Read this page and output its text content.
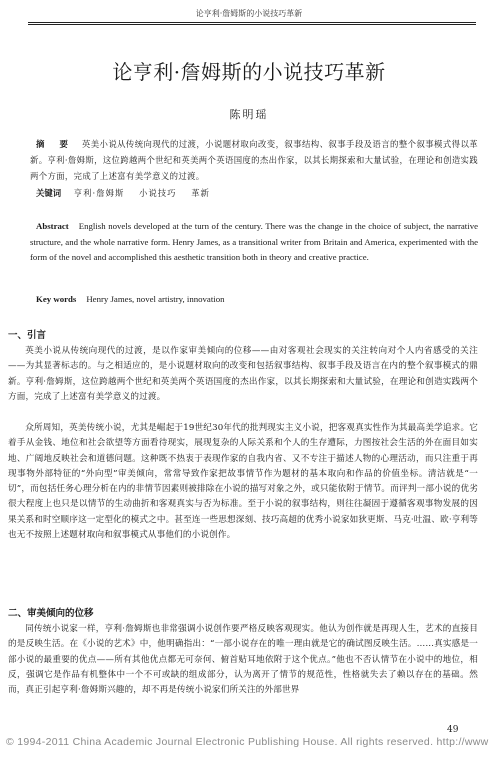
论亨利·詹姆斯的小说技巧革新
论亨利·詹姆斯的小说技巧革新
陈明瑶
摘 要 英美小说从传统向现代的过渡，小说题材取向改变，叙事结构、叙事手段及语言的整个叙事模式得以革新。亨利·詹姆斯，这位跨越两个世纪和英美两个英语国度的杰出作家，以其长期探索和大量试验，在理论和创造实践两个方面，完成了上述富有美学意义的过渡。
关键词 亨利·詹姆斯 小说技巧 革新
Abstract English novels developed at the turn of the century. There was the change in the choice of subject, the narrative structure, and the whole narrative form. Henry James, as a transitional writer from Britain and America, experimented with the form of the novel and accomplished this aesthetic transition both in theory and creative practice.
Key words Henry James, novel artistry, innovation
一、引言
英美小说从传统向现代的过渡，是以作家审美倾向的位移——由对客观社会现实的关注转向对个人内省感受的关注——为其显著标志的。与之相适应的，是小说题材取向的改变和包括叙事结构、叙事手段及语言在内的整个叙事模式的鼎新。亨利·詹姆斯，这位跨越两个世纪和英美两个英语国度的杰出作家，以其长期探索和大量试验，在理论和创造实践两个方面，完成了上述富有美学意义的过渡。
众所周知，英美传统小说，尤其是崛起于19世纪30年代的批判现实主义小说，把客观真实性作为其最高美学追求。它着手从金钱、地位和社会欲望等方面看待现实，展现复杂的人际关系和个人的生存遭际，力图按社会生活的外在面目如实地、广阔地反映社会和道德问题。这种既不热衷于表现作家的自我内省、又不专注于描述人物的心理活动，而只注重于再现事物外部特征的“外向型”审美倾向，常常导致作家把故事情节作为题材的基本取向和作品的价值坐标。清洁就是“一切”，而包括任务心理分析在内的非情节因素则被排除在小说的描写对象之外，或只能依附于情节。而评判一部小说的优劣很大程度上也只是以情节的生动曲折和客观真实与否为标准。至于小说的叙事结构，则往往凝固于遵循客观事物发展的因果关系和时空顺序这一定型化的模式之中。甚至连一些思想深刻、技巧高超的优秀小说家如狄更斯、马克·吐温、欧·亨利等也无不按照上述题材取向和叙事模式从事他们的小说创作。
二、审美倾向的位移
同传统小说家一样，亨利·詹姆斯也非常强调小说创作要严格反映客观现实。他认为创作就是再现人生，艺术的直接目的是反映生活。在《小说的艺术》中，他明确指出：“一部小说存在的唯一理由就是它的确试图反映生活。……真实感是一部小说的最重要的优点——所有其他优点都无可奈何、俯首贴耳地依附于这个优点。”他也不否认情节在小说中的地位，相反，强调它是作品有机整体中一个不可或缺的组成部分，认为离开了情节的规范性，性格就失去了赖以存在的基础。然而，真正引起亨利·詹姆斯兴趣的，却不再是传统小说家们所关注的外部世界
49
© 1994-2011 China Academic Journal Electronic Publishing House. All rights reserved. http://www
